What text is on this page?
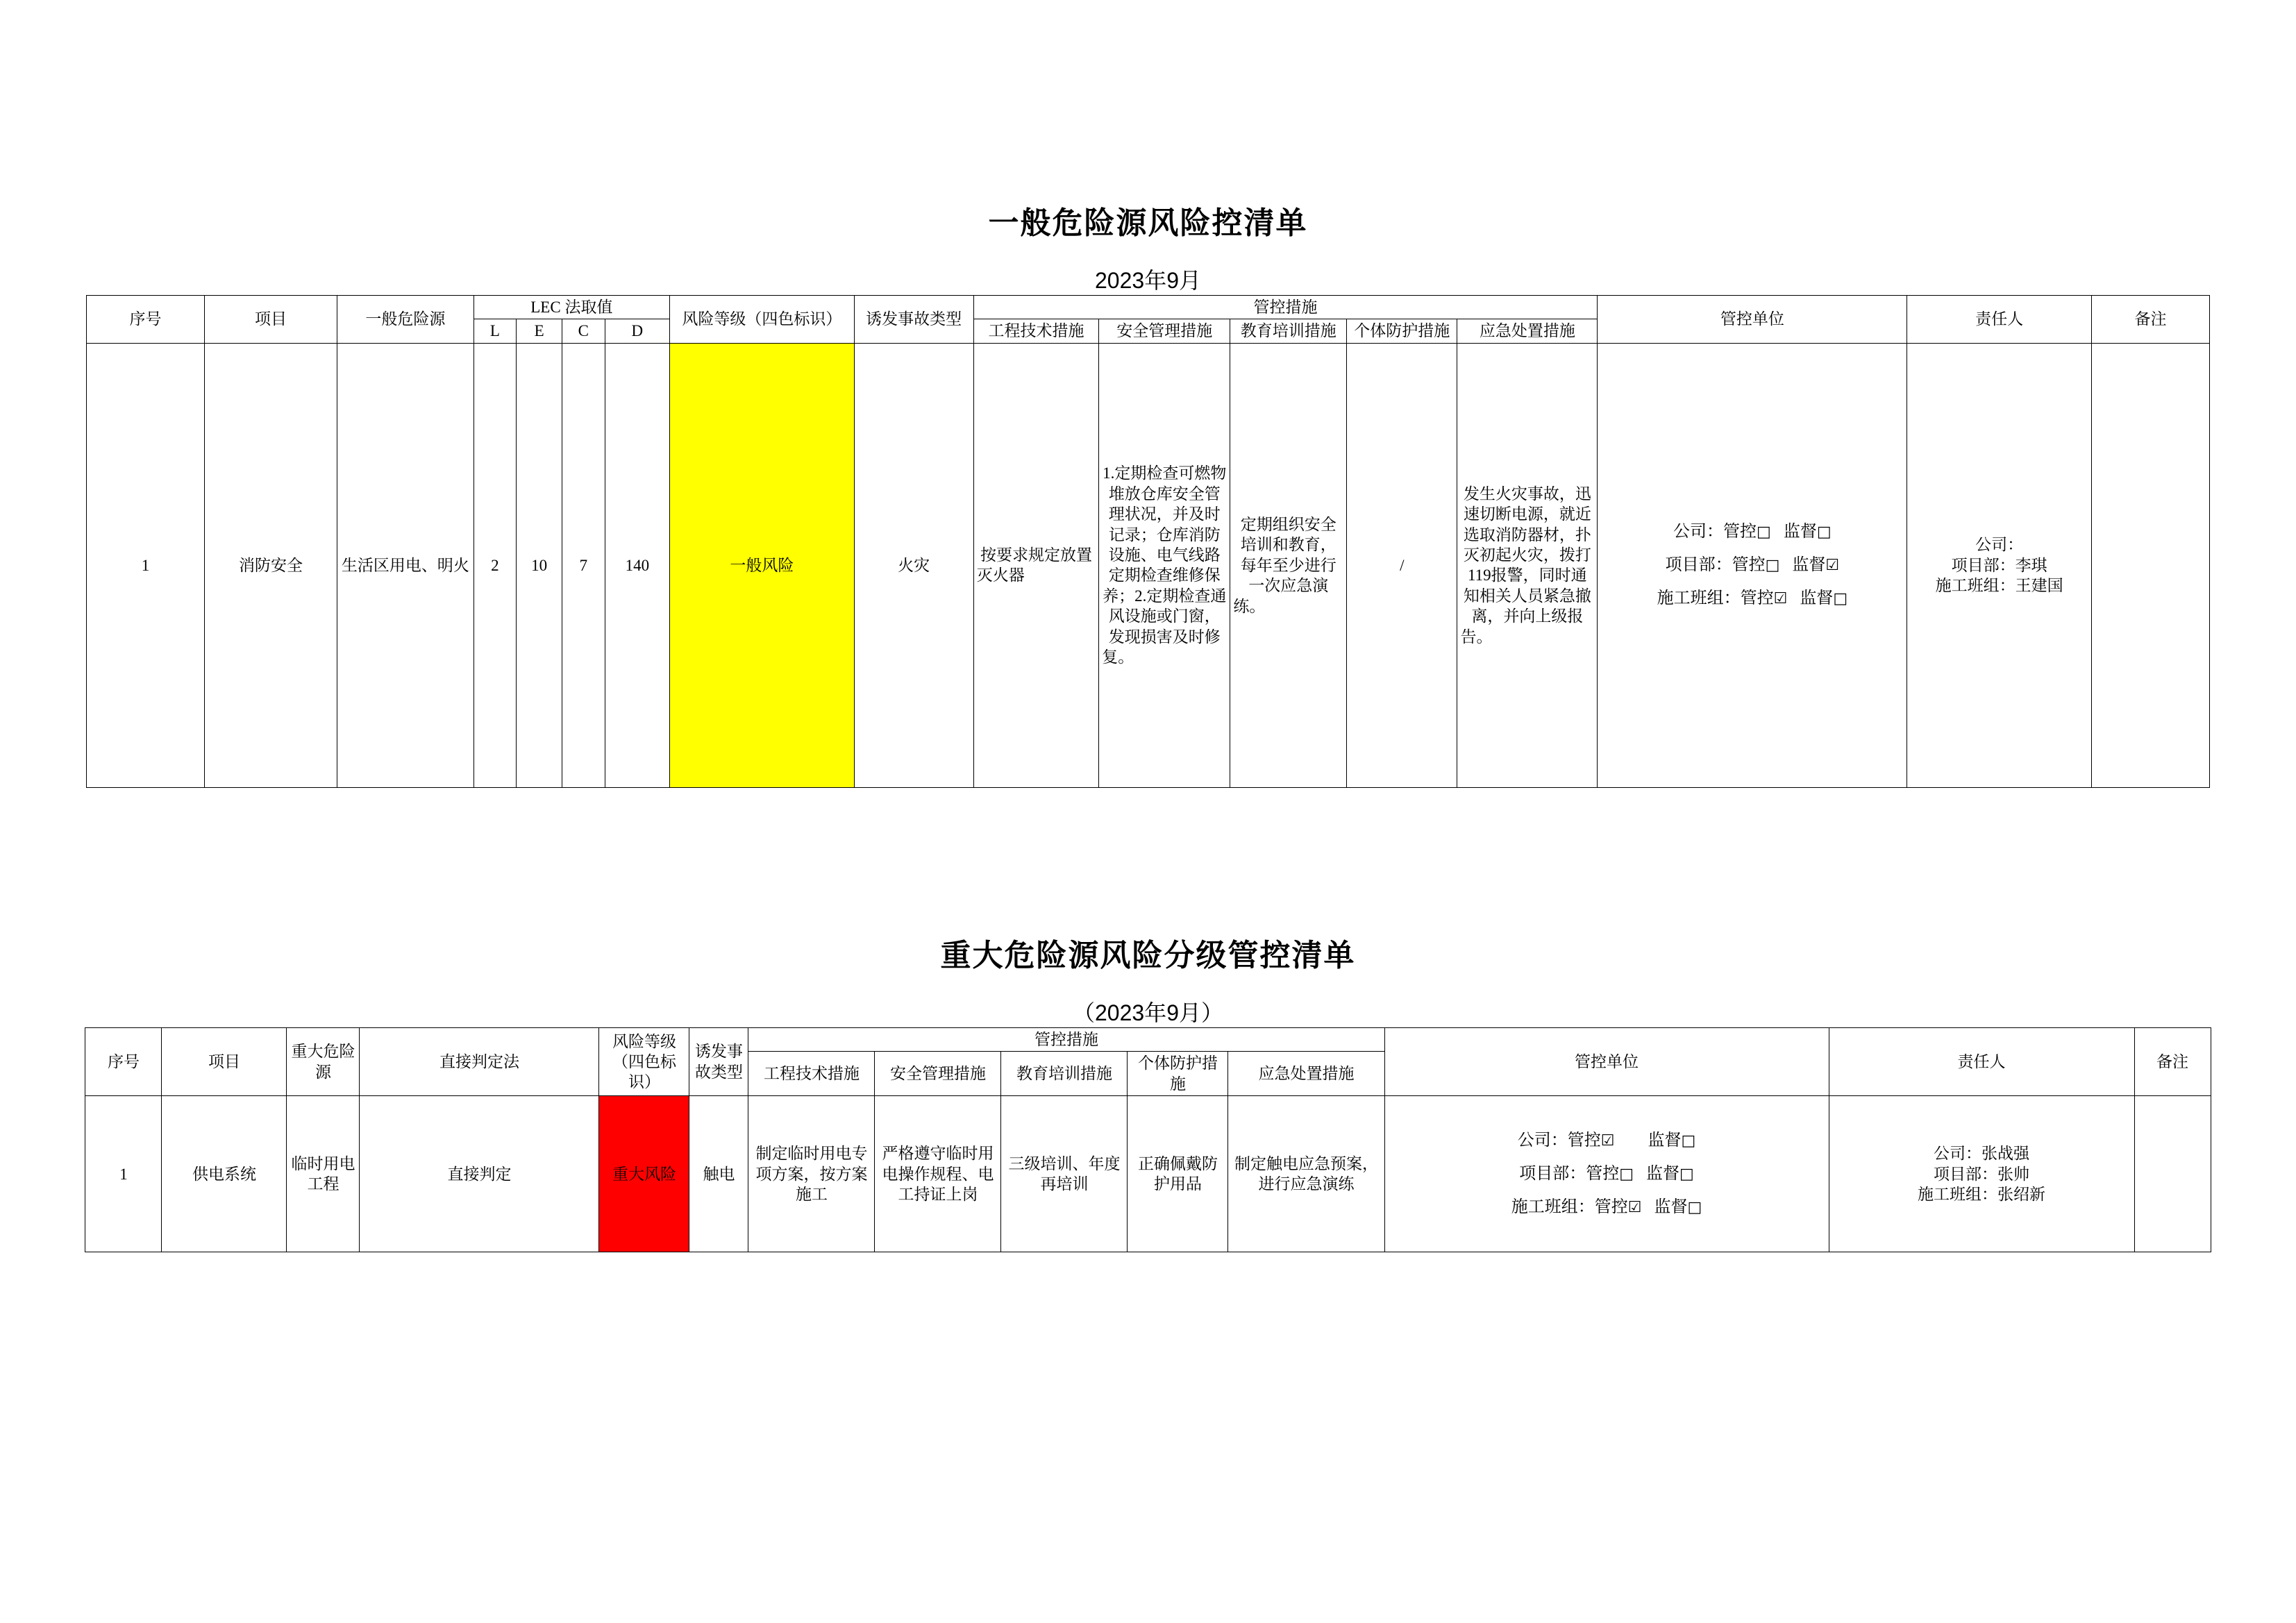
一般危险源风险控清单
2023年9月
序号	项目	一般危险源	LEC 法取值				风险等级（四色标识）	诱发事故类型	管控措施					管控单位	责任人	备注
			L	E	C	D			工程技术措施	安全管理措施	教育培训措施	个体防护措施	应急处置措施			

1	消防安全	生活区用电、明火	2	10	7	140	一般风险	火灾	按要求规定放置灭火器	1.定期检查可燃物堆放仓库安全管理状况，并及时记录；仓库消防设施、电气线路定期检查维修保养；2.定期检查通风设施或门窗，发现损害及时修复。	定期组织安全培训和教育，每年至少进行一次应急演练。	/	发生火灾事故，迅速切断电源，就近选取消防器材，扑灭初起火灾，拨打119报警，同时通知相关人员紧急撤离，并向上级报告。	
公司：管控□ 监督□
项目部：管控□ 监督☑
施工班组：管控☑ 监督□

公司：
项目部：李琪
施工班组：王建国

重大危险源风险分级管控清单
（2023年9月）
序号	项目	重大危险源	直接判定法	风险等级（四色标识）	诱发事故类型	管控措施					管控单位	责任人	备注
						工程技术措施	安全管理措施	教育培训措施	个体防护措施	应急处置措施			
1	供电系统	临时用电工程	直接判定	重大风险	触电	制定临时用电专项方案，按方案施工	严格遵守临时用电操作规程、电工持证上岗	三级培训、年度再培训	正确佩戴防护用品	制定触电应急预案，进行应急演练	
公司：管控☑ 监督□
项目部：管控□ 监督□
施工班组：管控☑ 监督□

公司：张战强
项目部：张帅
施工班组：张绍新
